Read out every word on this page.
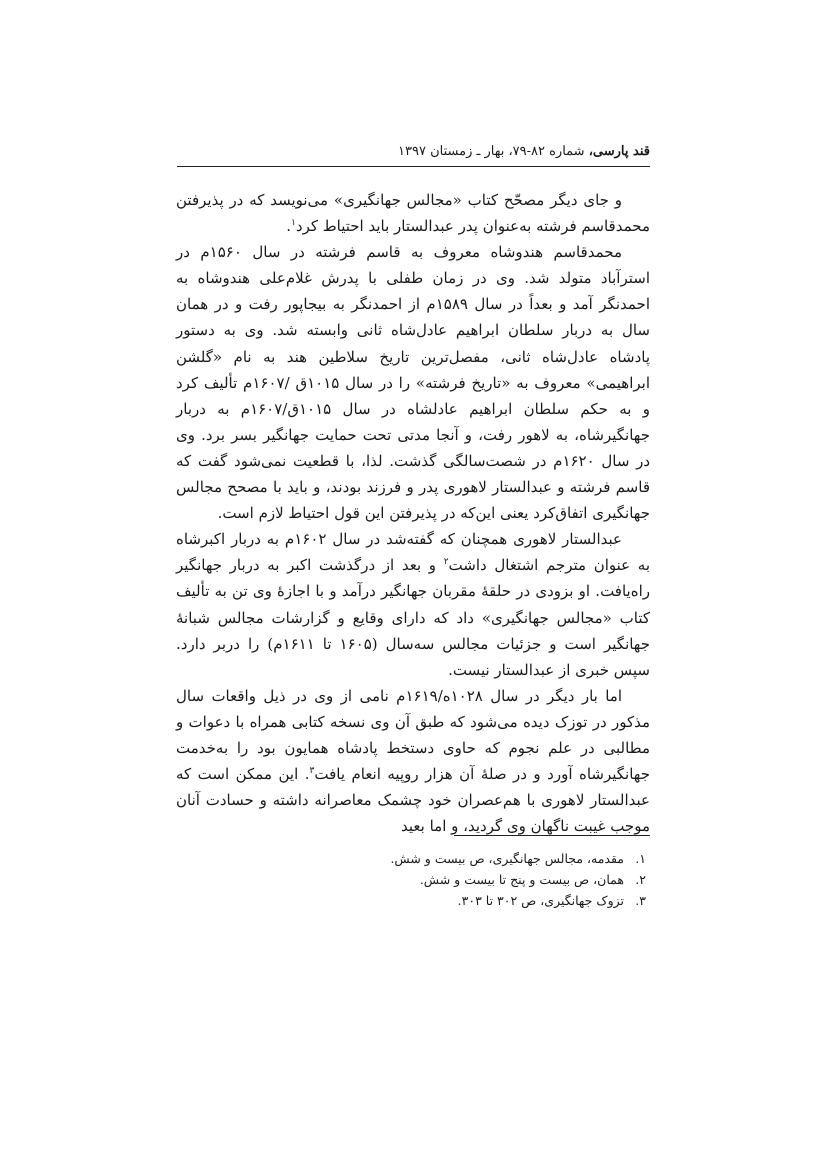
قند پارسی، شماره ۸۲-۷۹، بهار ـ زمستان ۱۳۹۷

و جای دیگر مصحّح کتاب «مجالس جهانگیری» می‌نویسد که در پذیرفتن محمدقاسم فرشته به‌عنوان پدر عبدالستار باید احتیاط کرد$^۱$.

محمدقاسم هندوشاه معروف به قاسم فرشته در سال ۱۵۶۰م در استرآباد متولد شد. وی در زمان طفلی با پدرش غلام‌علی هندوشاه به احمدنگر آمد و بعداً در سال ۱۵۸۹م از احمدنگر به بیجاپور رفت و در همان سال به دربار سلطان ابراهیم عادل‌شاه ثانی وابسته شد. وی به دستور پادشاه عادل‌شاه ثانی، مفصل‌ترین تاریخ سلاطین هند به نام «گلشن ابراهیمی» معروف به «تاریخ فرشته» را در سال ۱۰۱۵ق /۱۶۰۷م تألیف کرد و به حکم سلطان ابراهیم عادلشاه در سال ۱۰۱۵ق/۱۶۰۷م به دربار جهانگیرشاه، به لاهور رفت، و آنجا مدتی تحت حمایت جهانگیر بسر برد. وی در سال ۱۶۲۰م در شصت‌سالگی گذشت. لذا، با قطعیت نمی‌شود گفت که قاسم فرشته و عبدالستار لاهوری پدر و فرزند بودند، و باید با مصحح مجالس جهانگیری اتفاق‌کرد یعنی این‌که در پذیرفتن این قول احتیاط لازم است.

عبدالستار لاهوری همچنان که گفته‌شد در سال ۱۶۰۲م به دربار اکبرشاه به عنوان مترجم اشتغال داشت$^۲$ و بعد از درگذشت اکبر به دربار جهانگیر راه‌یافت. او بزودی در حلقهٔ مقربان جهانگیر درآمد و با اجازهٔ وی تن به تألیف کتاب «مجالس جهانگیری» داد که دارای وقایع و گزارشات مجالس شبانهٔ جهانگیر است و جزئیات مجالس سه‌سال (۱۶۰۵ تا ۱۶۱۱م) را دربر دارد. سپس خبری از عبدالستار نیست.

اما بار دیگر در سال ۱۰۲۸ه/۱۶۱۹م نامی از وی در ذیل واقعات سال مذکور در توزک دیده می‌شود که طبق آن وی نسخه کتابی همراه با دعوات و مطالبی در علم نجوم که حاوی دستخط پادشاه همایون بود را به‌خدمت جهانگیرشاه آورد و در صلهٔ آن هزار روپیه انعام یافت$^۳$. این ممکن است که عبدالستار لاهوری با هم‌عصران خود چشمک معاصرانه داشته و حسادت آنان موجب غیبت ناگهان وی گردید، و اما بعید

۱.مقدمه، مجالس جهانگیری، ص بیست و شش.
۲.همان، ص بیست و پنج تا بیست و شش.
۳.تزوک جهانگیری، ص ۳۰۲ تا ۳۰۳.
